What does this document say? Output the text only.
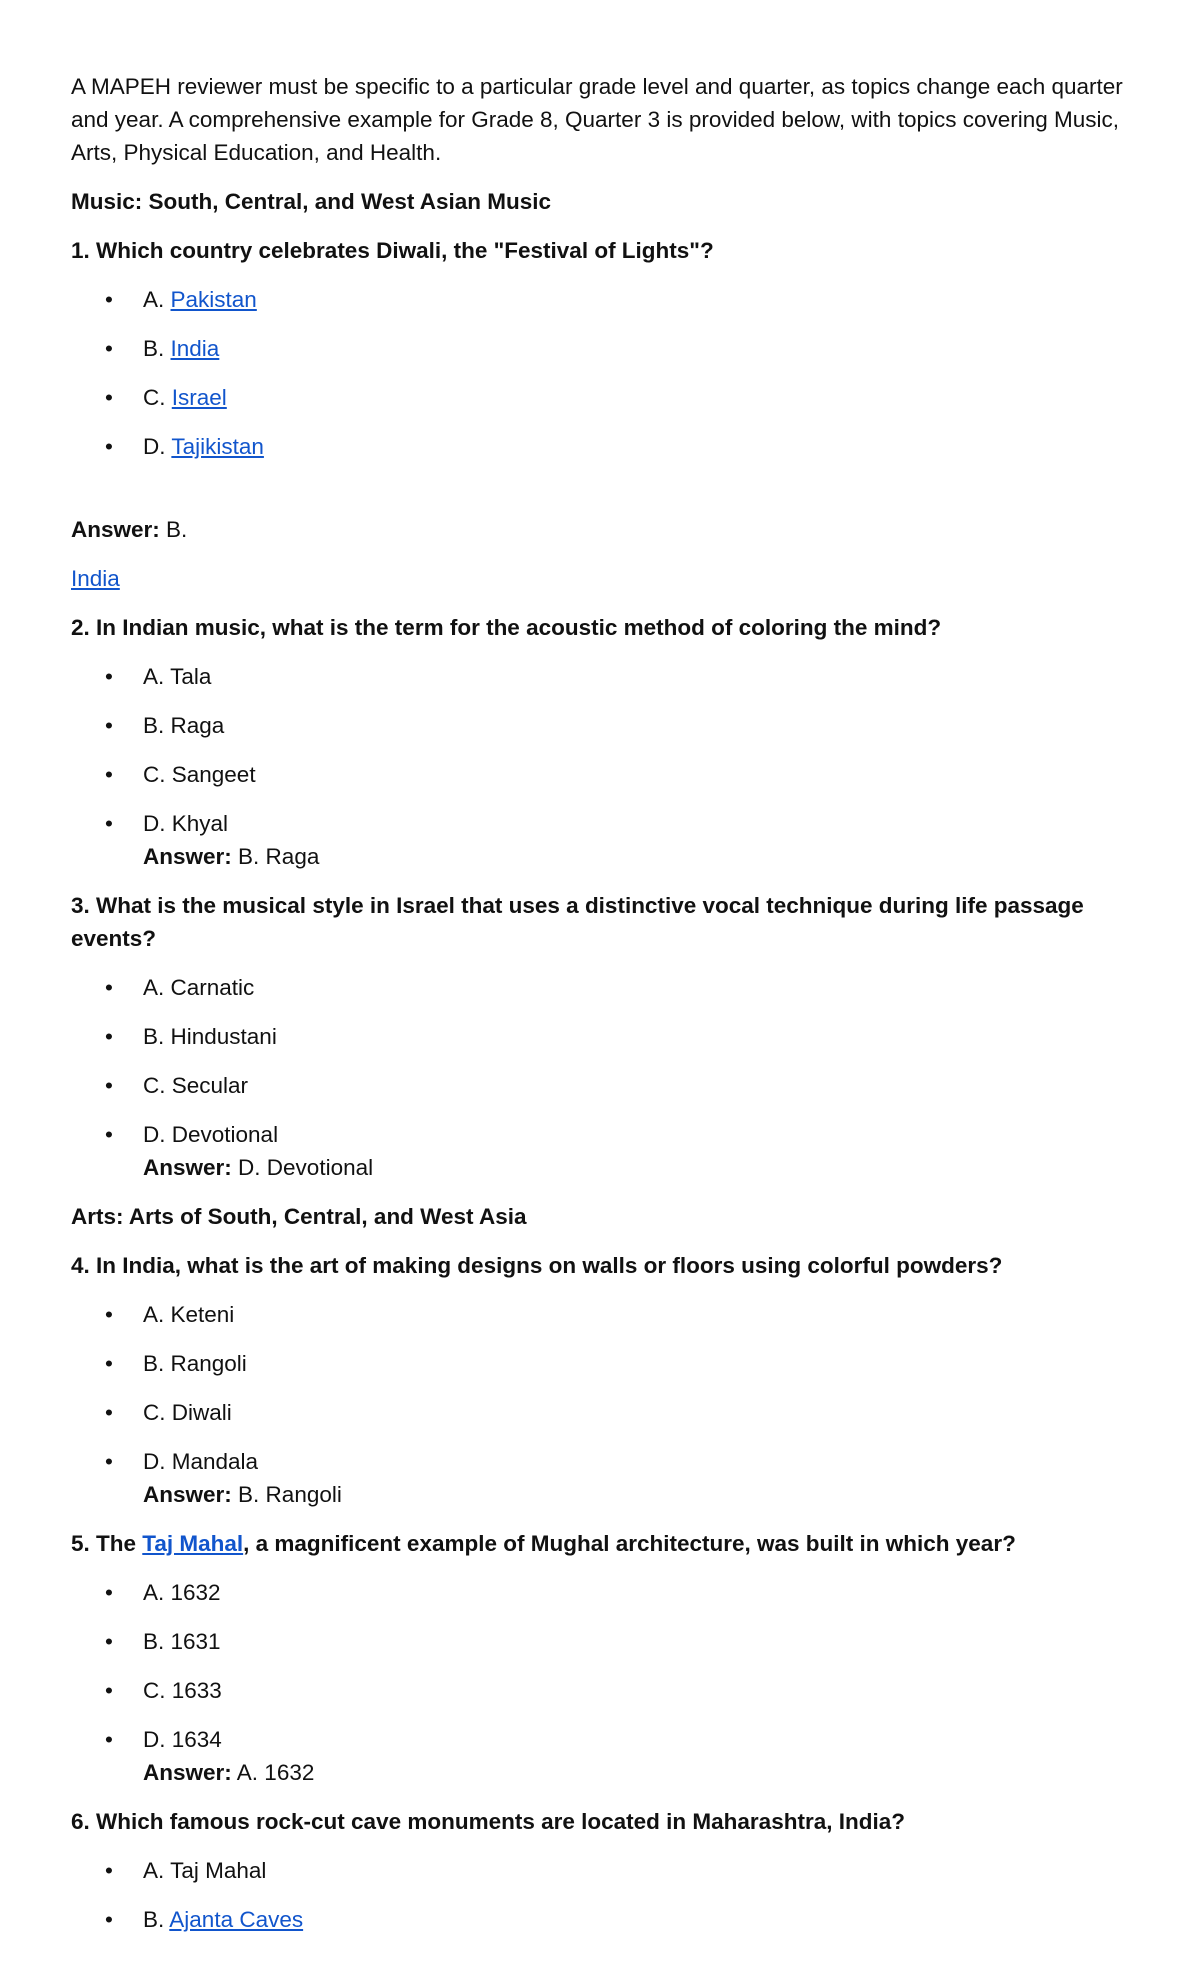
A MAPEH reviewer must be specific to a particular grade level and quarter, as topics change each quarter and year. A comprehensive example for Grade 8, Quarter 3 is provided below, with topics covering Music, Arts, Physical Education, and Health.

Music: South, Central, and West Asian Music

1. Which country celebrates Diwali, the "Festival of Lights"?

• A. Pakistan
• B. India
• C. Israel
• D. Tajikistan

Answer: B.

India

2. In Indian music, what is the term for the acoustic method of coloring the mind?

• A. Tala
• B. Raga
• C. Sangeet
• D. Khyal
Answer: B. Raga

3. What is the musical style in Israel that uses a distinctive vocal technique during life passage events?

• A. Carnatic
• B. Hindustani
• C. Secular
• D. Devotional
Answer: D. Devotional

Arts: Arts of South, Central, and West Asia

4. In India, what is the art of making designs on walls or floors using colorful powders?

• A. Keteni
• B. Rangoli
• C. Diwali
• D. Mandala
Answer: B. Rangoli

5. The Taj Mahal, a magnificent example of Mughal architecture, was built in which year?

• A. 1632
• B. 1631
• C. 1633
• D. 1634
Answer: A. 1632

6. Which famous rock-cut cave monuments are located in Maharashtra, India?

• A. Taj Mahal
• B. Ajanta Caves
